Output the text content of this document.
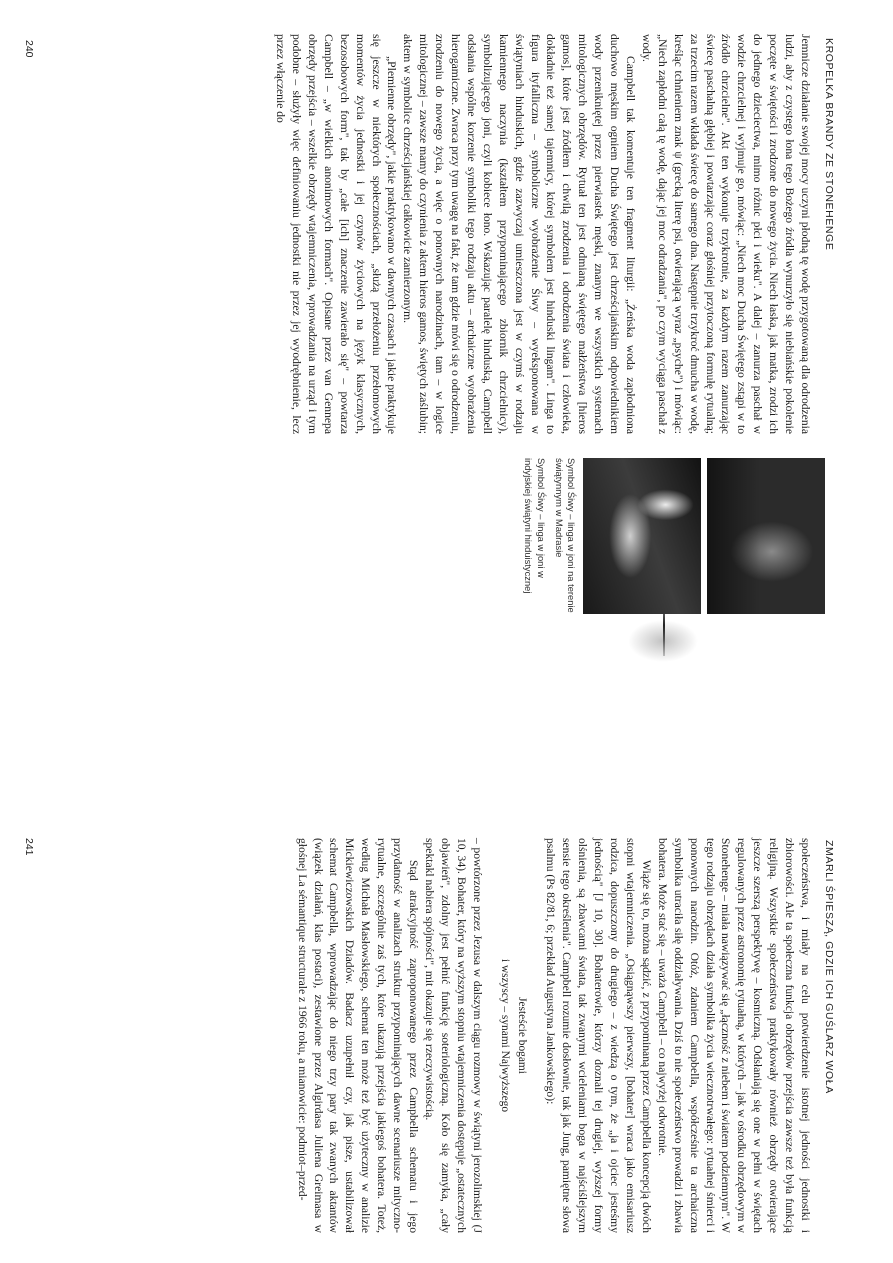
KROPELKA BRANDY ZE STONEHENGE

Jemnicze działanie swojej mocy uczyni płodną tę wodę przygotowaną dla odrodzenia ludzi, aby z czystego łona tego Bożego źródła wynurzyło się niebiańskie pokolenie poczęte w świętości i zrodzone do nowego życia. Niech łaska, jak matka, zrodzi ich do jednego dzieciectwa, mimo różnic płci i wieku". A dalej – zanurza paschał w wodzie chrzcielnej i wyjmuje go, mówiąc: „Niech moc Ducha Świętego zstąpi w to źródło chrzcielne". Akt ten wykonuje trzykrotnie, za każdym razem zanurzając świecę paschalną głębiej i powtarzając coraz głośniej przytoczoną formułę rytualną; za trzecim razem wkłada świecę do samego dna. Następnie trzykroć dmucha w wodę, kreśląc tchnieniem znak ψ (grecką literę psi, otwierającą wyraz „psyche") i mówiąc: „Niech zapłodni całą tę wodę, dając jej moc odradzania", po czym wyciąga paschał z wody.

Campbell tak komentuje ten fragment liturgii: „Żeńska woda zapłodniona duchowo męskim ogniem Ducha Świętego jest chrześcijańskim odpowiednikiem wody przenikniętej przez pierwiastek męski, znanym we wszystkich systemach mitologicznych obrzędów. Rytuał ten jest odmianą świętego małżeństwa [hieros gamos], które jest źródłem i chwilą zrodzenia i odrodzenia świata i człowieka, dokładnie też samej tajemnicy, której symbolem jest hinduski lingam". Linga to figura ityfalliczna – symboliczne wyobrażenie Śiwy – wyeksponowana w świątyniach hinduskich, gdzie zazwyczaj umieszczona jest w czymś w rodzaju kamiennego naczynia (kształtem przypominającego zbiornik chrzcielnicy), symbolizującego joni, czyli kobiece łono. Wskazując paralelę hinduską, Campbell odsłania wspólne korzenie symboliki tego rodzaju aktu – archaiczne wyobrażenia hierogamiczne. Zwraca przy tym uwagę na fakt, że tam gdzie mówi się o odrodzeniu, zrodzeniu do nowego życia, a więc o ponownych narodzinach, tam – w logice mitologicznej – zawsze mamy do czynienia z aktem hieros gamos, świętych zaślubin; aktem w symbolice chrześcijańskiej całkowicie zamierzonym.

„Plemienne obrzędy", jakie praktykowano w dawnych czasach i jakie praktykuje się jeszcze w niektórych społecznościach, „służą przełożeniu przełomowych momentów życia jednostki i jej czynów życiowych na język klasycznych, bezosobowych form", tak by „całe [ich] znaczenie zawierało się" – powtarza Campbell – „w wielkich anonimowych formach". Opisane przez van Gennepa obrzędy przejścia – wszelkie obrzędy wtajemniczenia, wprowadzania na urząd i tym podobne – służyły więc definiowaniu jednostki nie przez jej wyodrębnienie, lecz przez włączenie do

Symbol Śiwy – linga w joni na terenie świątynnym w Madrasie

Symbol Śiwy – linga w joni w indyjskiej świątyni hinduistycznej

240
ZMARLI ŚPIESZĄ, GDZIE ICH GUŚLARZ WOŁA

społeczeństwa, i miały na celu potwierdzenie istotnej jedności jednostki i zbiorowości. Ale ta społeczna funkcja obrzędów przejścia zawsze też była funkcją religijną. Wszystkie społeczeństwa praktykowały również obrzędy otwierające jeszcze szerszą perspektywę – kosmiczną. Odsłaniają się one w pełni w świętach regulowanych przez astronomię rytuałną, w których – jak w ośrodku obrzędowym w Stonehenge – miała nawiązywać się „łączność z niebem i światem podziemnym". W tego rodzaju obrzędach działa symbolika życia wiecznotrwałego: rytuałnej śmierci i ponownych narodzin. Otóż, zdaniem Campbella, współcześnie ta archaiczna symbolika utraciła siłę oddziaływania. Dziś to nie społeczeństwo prowadzi i zbawia bohatera. Może stać się – uważa Campbell – co najwyżej odwrotnie.

Wiąże się to, można sądzić, z przypominaną przez Campbella koncepcją dwóch stopni wtajemniczenia. „Osiągnąwszy pierwszy, [bohater] wraca jako emisariusz rodzica, dopuszczony do drugiego – z wiedzą o tym, że „ja i ojciec jesteśmy jednością" [J 10, 30]. Bohaterowie, którzy doznali tej drugiej, wyższej formy olśnienia, są zbawcami świata, tak zwanymi wcieleniami boga w najściślejszym sensie tego określenia". Campbell rozumie dosłownie, tak jak Jung, pamiętne słowa psalmu (Ps 82/81, 6; przekład Augustyna Jankowskiego):

Jesteście bogami
i wszyscy – synami Najwyższego

– powtórzone przez Jezusa w dalszym ciągu rozmowy w świątyni jerozolimskiej (J 10, 34). Bohater, który na wyższym stopniu wtajemniczenia dostępuje „ostatecznych objawień", zdolny jest pełnić funkcję soteriologiczną. Koło się zamyka, „cały spektakl nabiera spójności", mit okazuje się rzeczywistością.

Stąd atrakcyjność zaproponowanego przez Campbella schematu i jego przydatność w analizach struktur przypominających dawne scenariusze mityczno-rytualne, szczególnie zaś tych, które ukazują przejścia jakiegoś bohatera. Toteż, według Michała Masłowskiego, schemat ten może też być użyteczny w analizie Mickiewiczowskich Dziadów. Badacz uzupełnił czy, jak pisze, ustabilizował schemat Campbella, wprowadzając do niego trzy pary tak zwanych aktantów (wiązek działań, klas postaci), zestawione przez Algirdasa Juliena Greimasa w głośnej La sémantique structurale z 1966 roku, a mianowicie: podmiot–przed-

241
